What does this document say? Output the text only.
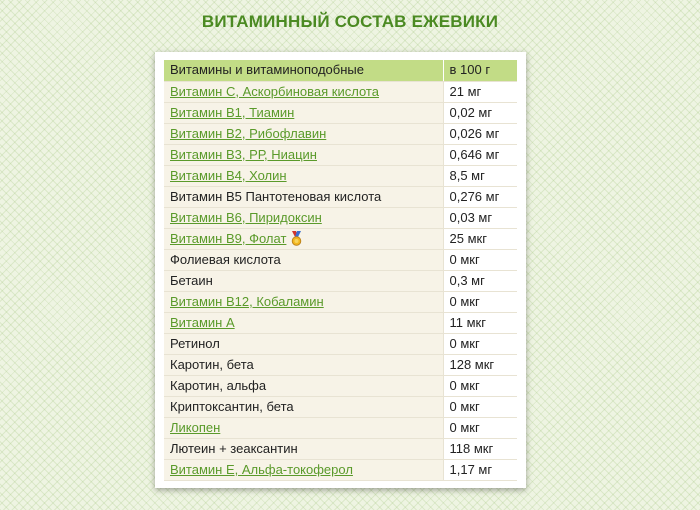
ВИТАМИННЫЙ СОСТАВ ЕЖЕВИКИ
Витамины и витаминоподобные	в 100 г
Витамин С, Аскорбиновая кислота	21 мг
Витамин В1, Тиамин	0,02 мг
Витамин В2, Рибофлавин	0,026 мг
Витамин В3, РР, Ниацин	0,646 мг
Витамин В4, Холин	8,5 мг
Витамин В5 Пантотеновая кислота	0,276 мг
Витамин В6, Пиридоксин	0,03 мг
Витамин В9, Фолат	25 мкг
Фолиевая кислота	0 мкг
Бетаин	0,3 мг
Витамин В12, Кобаламин	0 мкг
Витамин А	11 мкг
Ретинол	0 мкг
Каротин, бета	128 мкг
Каротин, альфа	0 мкг
Криптоксантин, бета	0 мкг
Ликопен	0 мкг
Лютеин + зеаксантин	118 мкг
Витамин Е, Альфа-токоферол	1,17 мг
